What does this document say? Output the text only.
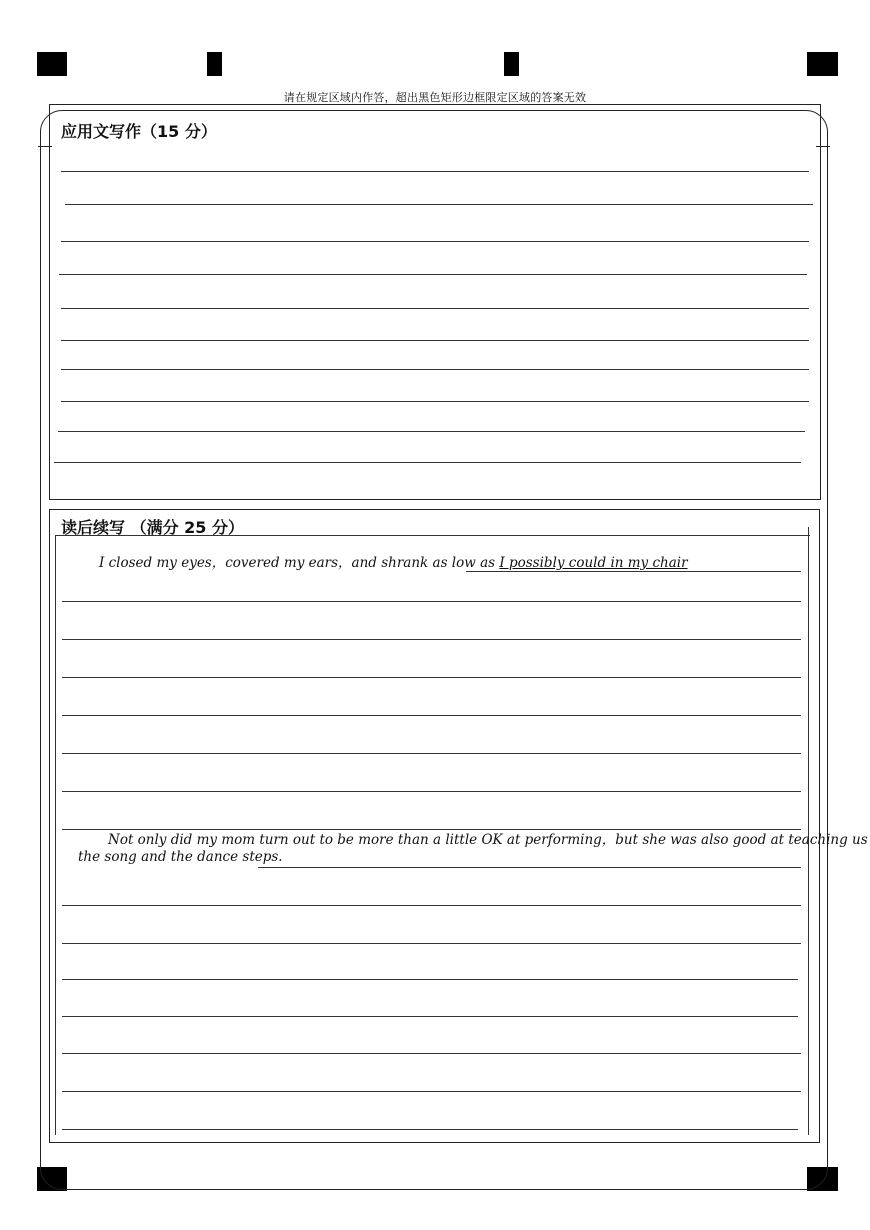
请在规定区域内作答，超出黑色矩形边框限定区域的答案无效
应用文写作（15 分）
读后续写 （满分 25 分）
I closed my eyes，covered my ears，and shrank as low as I possibly could in my chair
Not only did my mom turn out to be more than a little OK at performing，but she was also good at teaching us
the song and the dance steps.
